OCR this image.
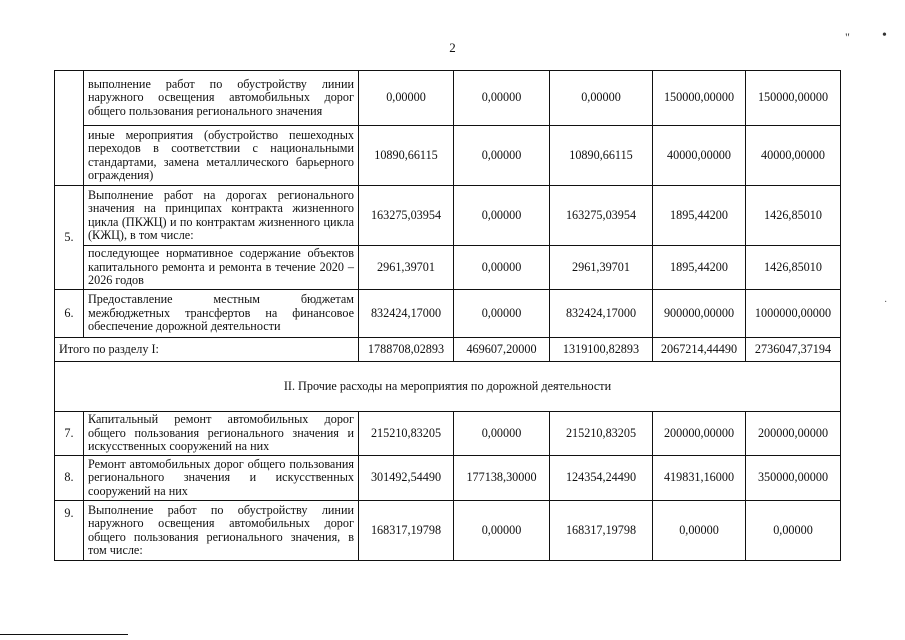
2
" •
·
	выполнение работ по обустройству линии наружного освещения автомобильных дорог общего пользования регионального значения	0,00000	0,00000	0,00000	150000,00000	150000,00000
	иные мероприятия (обустройство пешеходных переходов в соответствии с национальными стандартами, замена металлического барьерного ограждения)	10890,66115	0,00000	10890,66115	40000,00000	40000,00000
5.	Выполнение работ на дорогах регионального значения на принципах контракта жизненного цикла (ПКЖЦ) и по контрактам жизненного цикла (КЖЦ), в том числе:	163275,03954	0,00000	163275,03954	1895,44200	1426,85010
	последующее нормативное содержание объектов капитального ремонта и ремонта в течение 2020 – 2026 годов	2961,39701	0,00000	2961,39701	1895,44200	1426,85010
6.	Предоставление местным бюджетам межбюджетных трансфертов на финансовое обеспечение дорожной деятельности	832424,17000	0,00000	832424,17000	900000,00000	1000000,00000
Итого по разделу I:		1788708,02893	469607,20000	1319100,82893	2067214,44490	2736047,37194
II. Прочие расходы на мероприятия по дорожной деятельности						
7.	Капитальный ремонт автомобильных дорог общего пользования регионального значения и искусственных сооружений на них	215210,83205	0,00000	215210,83205	200000,00000	200000,00000
8.	Ремонт автомобильных дорог общего пользования регионального значения и искусственных сооружений на них	301492,54490	177138,30000	124354,24490	419831,16000	350000,00000
9.	Выполнение работ по обустройству линии наружного освещения автомобильных дорог общего пользования регионального значения, в том числе:	168317,19798	0,00000	168317,19798	0,00000	0,00000
